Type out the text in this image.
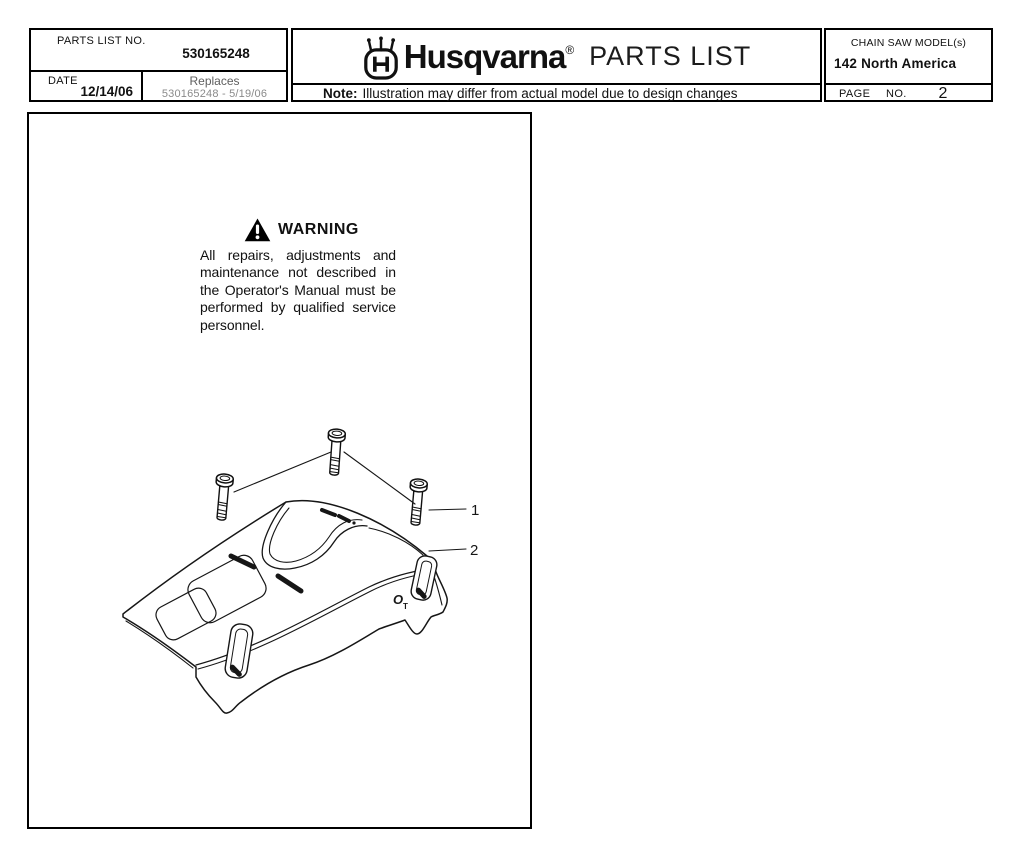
PARTS LIST NO.
530165248
DATE
12/14/06
Replaces
530165248 - 5/19/06
Husqvarna® PARTS LIST
Note: Illustration may differ from actual model due to design changes
CHAIN SAW MODEL(s)
142 North America
PAGE NO.	2
WARNING
All repairs, adjustments and maintenance not described in the Operator's Manual must be performed by qualified service personnel.
O T
1
2
